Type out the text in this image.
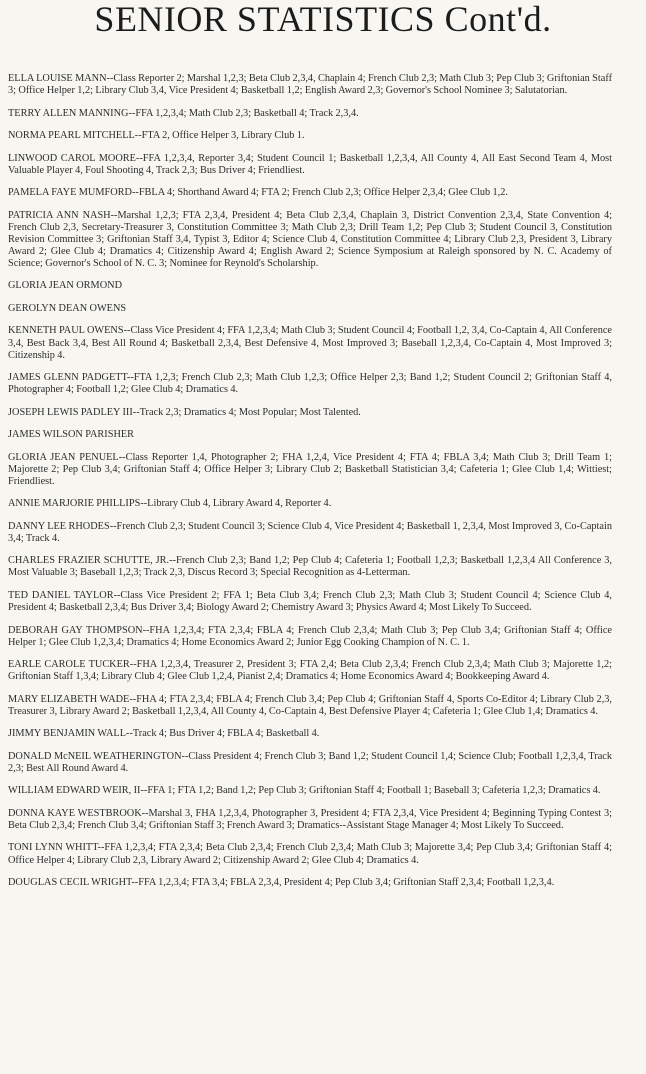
SENIOR STATISTICS Cont'd.

ELLA LOUISE MANN--Class Reporter 2; Marshal 1,2,3; Beta Club 2,3,4, Chaplain 4; French Club 2,3; Math Club 3; Pep Club 3; Griftonian Staff 3; Office Helper 1,2; Library Club 3,4, Vice President 4; Basketball 1,2; English Award 2,3; Governor's School Nominee 3; Salutatorian.

TERRY ALLEN MANNING--FFA 1,2,3,4; Math Club 2,3; Basketball 4; Track 2,3,4.

NORMA PEARL MITCHELL--FTA 2, Office Helper 3, Library Club 1.

LINWOOD CAROL MOORE--FFA 1,2,3,4, Reporter 3,4; Student Council 1; Basketball 1,2,3,4, All County 4, All East Second Team 4, Most Valuable Player 4, Foul Shooting 4, Track 2,3; Bus Driver 4; Friendliest.

PAMELA FAYE MUMFORD--FBLA 4; Shorthand Award 4; FTA 2; French Club 2,3; Office Helper 2,3,4; Glee Club 1,2.

PATRICIA ANN NASH--Marshal 1,2,3; FTA 2,3,4, President 4; Beta Club 2,3,4, Chaplain 3, District Convention 2,3,4, State Convention 4; French Club 2,3, Secretary-Treasurer 3, Constitution Committee 3; Math Club 2,3; Drill Team 1,2; Pep Club 3; Student Council 3, Constitution Revision Committee 3; Griftonian Staff 3,4, Typist 3, Editor 4; Science Club 4, Constitution Committee 4; Library Club 2,3, President 3, Library Award 2; Glee Club 4; Dramatics 4; Citizenship Award 4; English Award 2; Science Symposium at Raleigh sponsored by N. C. Academy of Science; Governor's School of N. C. 3; Nominee for Reynold's Scholarship.

GLORIA JEAN ORMOND

GEROLYN DEAN OWENS

KENNETH PAUL OWENS--Class Vice President 4; FFA 1,2,3,4; Math Club 3; Student Council 4; Football 1,2, 3,4, Co-Captain 4, All Conference 3,4, Best Back 3,4, Best All Round 4; Basketball 2,3,4, Best Defensive 4, Most Improved 3; Baseball 1,2,3,4, Co-Captain 4, Most Improved 3; Citizenship 4.

JAMES GLENN PADGETT--FTA 1,2,3; French Club 2,3; Math Club 1,2,3; Office Helper 2,3; Band 1,2; Student Council 2; Griftonian Staff 4, Photographer 4; Football 1,2; Glee Club 4; Dramatics 4.

JOSEPH LEWIS PADLEY III--Track 2,3; Dramatics 4; Most Popular; Most Talented.

JAMES WILSON PARISHER

GLORIA JEAN PENUEL--Class Reporter 1,4, Photographer 2; FHA 1,2,4, Vice President 4; FTA 4; FBLA 3,4; Math Club 3; Drill Team 1; Majorette 2; Pep Club 3,4; Griftonian Staff 4; Office Helper 3; Library Club 2; Basketball Statistician 3,4; Cafeteria 1; Glee Club 1,4; Wittiest; Friendliest.

ANNIE MARJORIE PHILLIPS--Library Club 4, Library Award 4, Reporter 4.

DANNY LEE RHODES--French Club 2,3; Student Council 3; Science Club 4, Vice President 4; Basketball 1, 2,3,4, Most Improved 3, Co-Captain 3,4; Track 4.

CHARLES FRAZIER SCHUTTE, JR.--French Club 2,3; Band 1,2; Pep Club 4; Cafeteria 1; Football 1,2,3; Basketball 1,2,3,4 All Conference 3, Most Valuable 3; Baseball 1,2,3; Track 2,3, Discus Record 3; Special Recognition as 4-Letterman.

TED DANIEL TAYLOR--Class Vice President 2; FFA 1; Beta Club 3,4; French Club 2,3; Math Club 3; Student Council 4; Science Club 4, President 4; Basketball 2,3,4; Bus Driver 3,4; Biology Award 2; Chemistry Award 3; Physics Award 4; Most Likely To Succeed.

DEBORAH GAY THOMPSON--FHA 1,2,3,4; FTA 2,3,4; FBLA 4; French Club 2,3,4; Math Club 3; Pep Club 3,4; Griftonian Staff 4; Office Helper 1; Glee Club 1,2,3,4; Dramatics 4; Home Economics Award 2; Junior Egg Cooking Champion of N. C. 1.

EARLE CAROLE TUCKER--FHA 1,2,3,4, Treasurer 2, President 3; FTA 2,4; Beta Club 2,3,4; French Club 2,3,4; Math Club 3; Majorette 1,2; Griftonian Staff 1,3,4; Library Club 4; Glee Club 1,2,4, Pianist 2,4; Dramatics 4; Home Economics Award 4; Bookkeeping Award 4.

MARY ELIZABETH WADE--FHA 4; FTA 2,3,4; FBLA 4; French Club 3,4; Pep Club 4; Griftonian Staff 4, Sports Co-Editor 4; Library Club 2,3, Treasurer 3, Library Award 2; Basketball 1,2,3,4, All County 4, Co-Captain 4, Best Defensive Player 4; Cafeteria 1; Glee Club 1,4; Dramatics 4.

JIMMY BENJAMIN WALL--Track 4; Bus Driver 4; FBLA 4; Basketball 4.

DONALD McNEIL WEATHERINGTON--Class President 4; French Club 3; Band 1,2; Student Council 1,4; Science Club; Football 1,2,3,4, Track 2,3; Best All Round Award 4.

WILLIAM EDWARD WEIR, II--FFA 1; FTA 1,2; Band 1,2; Pep Club 3; Griftonian Staff 4; Football 1; Baseball 3; Cafeteria 1,2,3; Dramatics 4.

DONNA KAYE WESTBROOK--Marshal 3, FHA 1,2,3,4, Photographer 3, President 4; FTA 2,3,4, Vice President 4; Beginning Typing Contest 3; Beta Club 2,3,4; French Club 3,4; Griftonian Staff 3; French Award 3; Dramatics--Assistant Stage Manager 4; Most Likely To Succeed.

TONI LYNN WHITT--FFA 1,2,3,4; FTA 2,3,4; Beta Club 2,3,4; French Club 2,3,4; Math Club 3; Majorette 3,4; Pep Club 3,4; Griftonian Staff 4; Office Helper 4; Library Club 2,3, Library Award 2; Citizenship Award 2; Glee Club 4; Dramatics 4.

DOUGLAS CECIL WRIGHT--FFA 1,2,3,4; FTA 3,4; FBLA 2,3,4, President 4; Pep Club 3,4; Griftonian Staff 2,3,4; Football 1,2,3,4.
